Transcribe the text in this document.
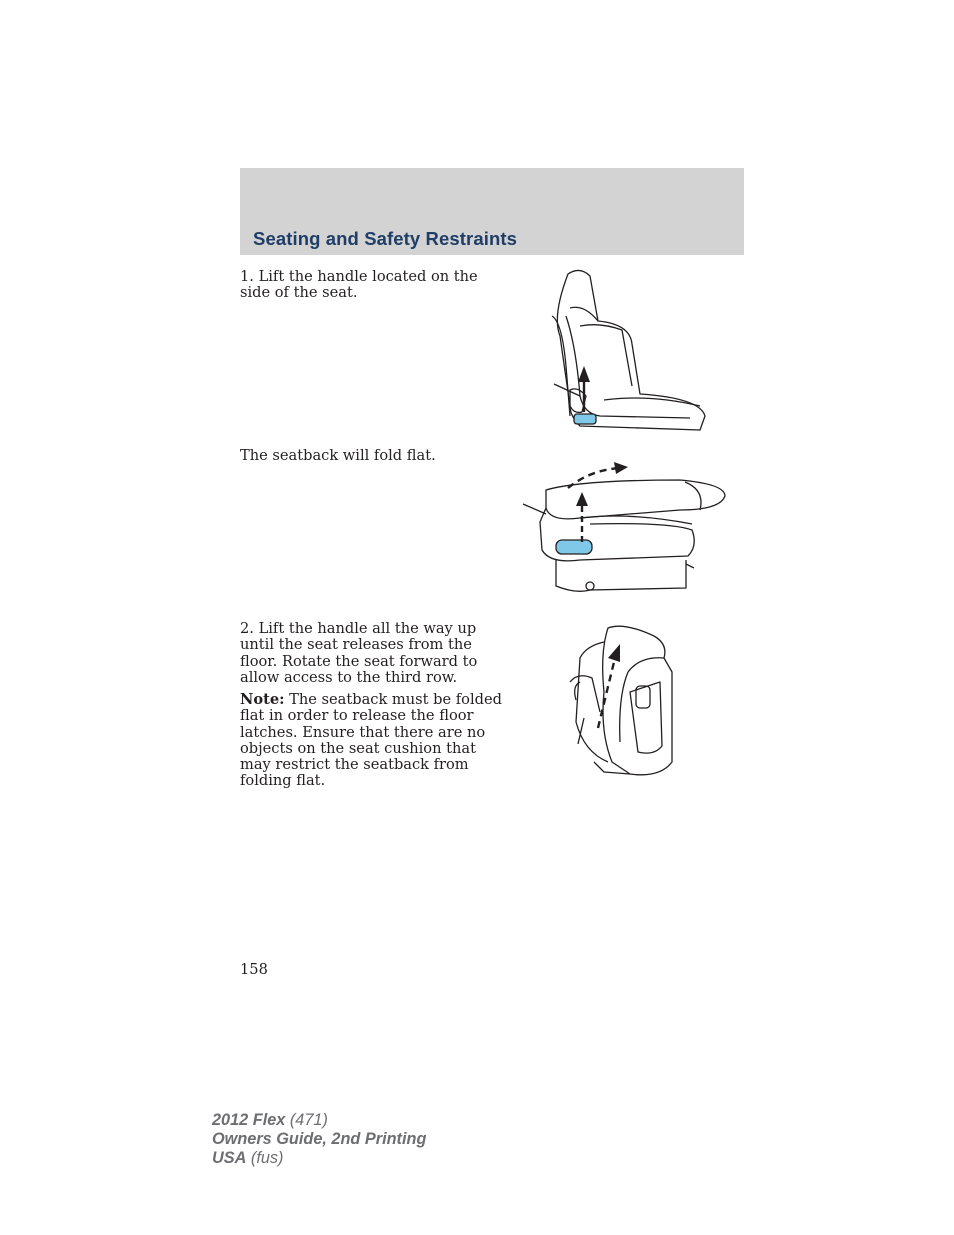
Seating and Safety Restraints

1. Lift the handle located on the side of the seat.

The seatback will fold flat.

2. Lift the handle all the way up until the seat releases from the floor. Rotate the seat forward to allow access to the third row.

Note: The seatback must be folded flat in order to release the floor latches. Ensure that there are no objects on the seat cushion that may restrict the seatback from folding flat.

158

2012 Flex (471)
Owners Guide, 2nd Printing
USA (fus)
